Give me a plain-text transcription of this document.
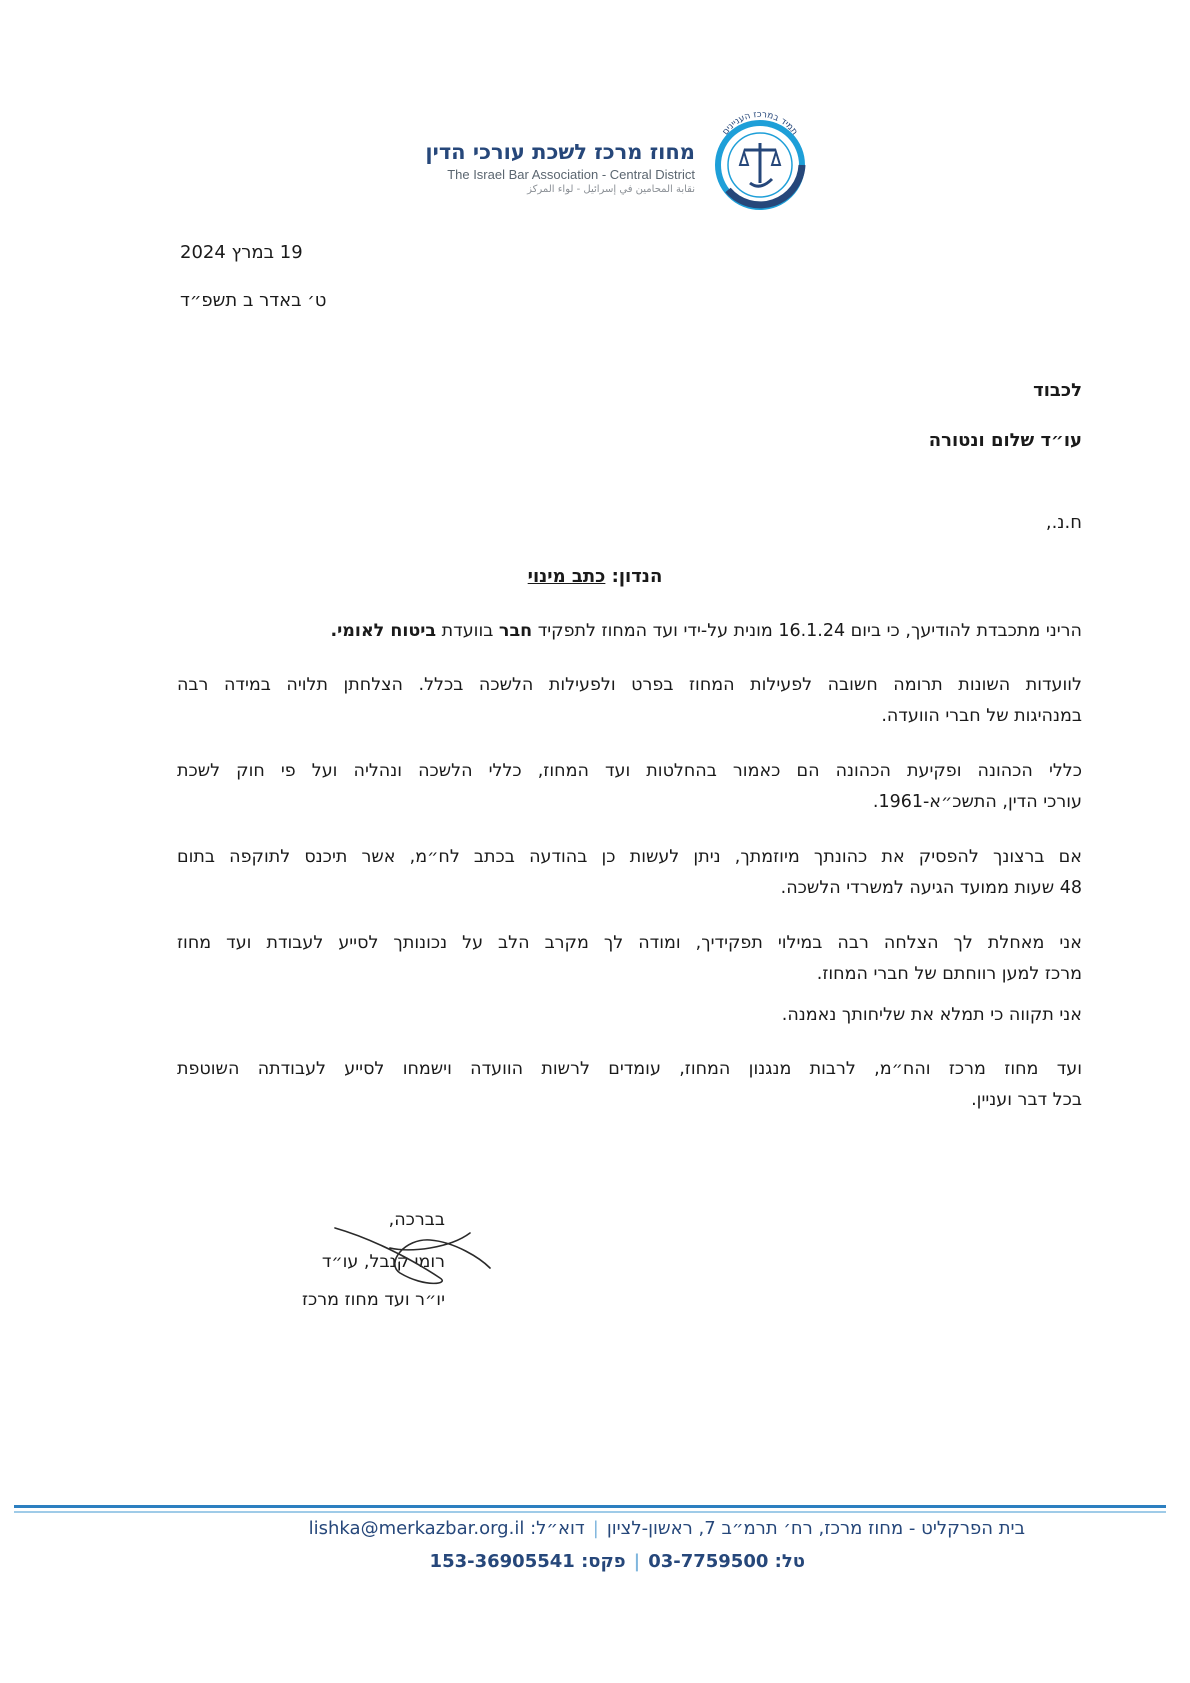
מחוז מרכז לשכת עורכי הדין
The Israel Bar Association - Central District
نقابة المحامين في إسرائيل - لواء المركز
תמיד במרכז העניינים
19 במרץ 2024
ט׳ באדר ב תשפ״ד
לכבוד
עו״ד שלום ונטורה
ח.נ.,
הנדון: כתב מינוי
הריני מתכבדת להודיעך, כי ביום 16.1.24 מונית על-ידי ועד המחוז לתפקיד חבר בוועדת ביטוח לאומי.
לוועדות השונות תרומה חשובה לפעילות המחוז בפרט ולפעילות הלשכה בכלל. הצלחתן תלויה במידה רבה
במנהיגות של חברי הוועדה.
כללי הכהונה ופקיעת הכהונה הם כאמור בהחלטות ועד המחוז, כללי הלשכה ונהליה ועל פי חוק לשכת
עורכי הדין, התשכ״א-1961.
אם ברצונך להפסיק את כהונתך מיוזמתך, ניתן לעשות כן בהודעה בכתב לח״מ, אשר תיכנס לתוקפה בתום
48 שעות ממועד הגיעה למשרדי הלשכה.
אני מאחלת לך הצלחה רבה במילוי תפקידיך, ומודה לך מקרב הלב על נכונותך לסייע לעבודת ועד מחוז
מרכז למען רווחתם של חברי המחוז.
אני תקווה כי תמלא את שליחותך נאמנה.
ועד מחוז מרכז והח״מ, לרבות מנגנון המחוז, עומדים לרשות הוועדה וישמחו לסייע לעבודתה השוטפת
בכל דבר ועניין.
בברכה,
רומי קנבל, עו״ד
יו״ר ועד מחוז מרכז
בית הפרקליט - מחוז מרכז, רח׳ תרמ״ב 7, ראשון-לציון|דוא״ל: lishka@merkazbar.org.il
טל: 03-7759500|פקס: 153-36905541
